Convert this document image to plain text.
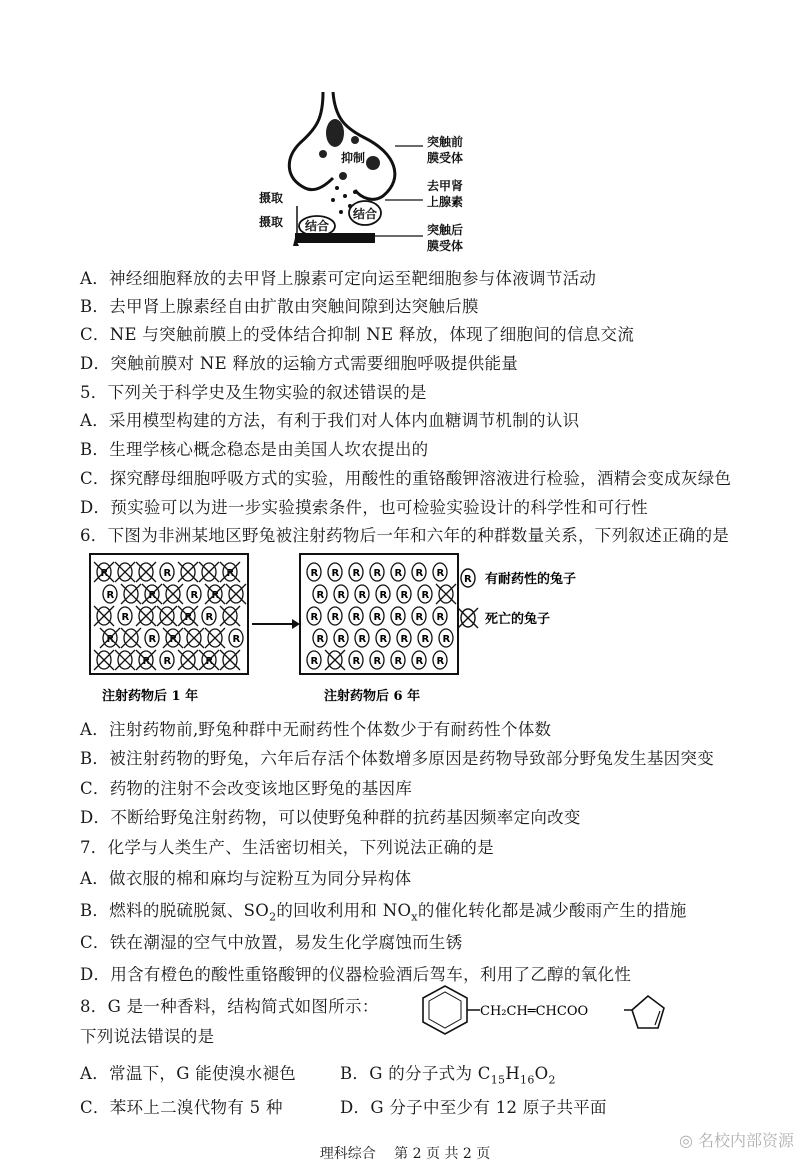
抑制
突触前
膜受体
去甲肾
上腺素
摄取
摄取
结合
结合	突触后
膜受体
A．神经细胞释放的去甲肾上腺素可定向运至靶细胞参与体液调节活动
B．去甲肾上腺素经自由扩散由突触间隙到达突触后膜
C．NE 与突触前膜上的受体结合抑制 NE 释放，体现了细胞间的信息交流
D．突触前膜对 NE 释放的运输方式需要细胞呼吸提供能量
5．下列关于科学史及生物实验的叙述错误的是
A．采用模型构建的方法，有利于我们对人体内血糖调节机制的认识
B．生理学核心概念稳态是由美国人坎农提出的
C．探究酵母细胞呼吸方式的实验，用酸性的重铬酸钾溶液进行检验，酒精会变成灰绿色
D．预实验可以为进一步实验摸索条件，也可检验实验设计的科学性和可行性
6．下图为非洲某地区野兔被注射药物后一年和六年的种群数量关系，下列叙述正确的是
R	R	R
R	R	R R
R	R R
R	R R	R
R R	R
R R R R R R R
R R R R R R
R R R R R R R
R R R R R R R
R	R R R R R
R 有耐药性的兔子
死亡的兔子
注射药物后 1 年	注射药物后 6 年
A．注射药物前,野兔种群中无耐药性个体数少于有耐药性个体数
B．被注射药物的野兔，六年后存活个体数增多原因是药物导致部分野兔发生基因突变
C．药物的注射不会改变该地区野兔的基因库
D．不断给野兔注射药物，可以使野兔种群的抗药基因频率定向改变
7．化学与人类生产、生活密切相关，下列说法正确的是
A．做衣服的棉和麻均与淀粉互为同分异构体
B．燃料的脱硫脱氮、$SO_2$的回收利用和 $NO_x$的催化转化都是减少酸雨产生的措施
C．铁在潮湿的空气中放置，易发生化学腐蚀而生锈
D．用含有橙色的酸性重铬酸钾的仪器检验酒后驾车，利用了乙醇的氧化性
8．G 是一种香料，结构简式如图所示：
下列说法错误的是
CH₂CH═CHCOO
A．常温下，G 能使溴水褪色	B．G 的分子式为 $C_{15}H_{16}O_2$
C．苯环上二溴代物有 5 种	D．G 分子中至少有 12 原子共平面
理科综合　 第 2 页 共 2 页
◎ 名校内部资源
